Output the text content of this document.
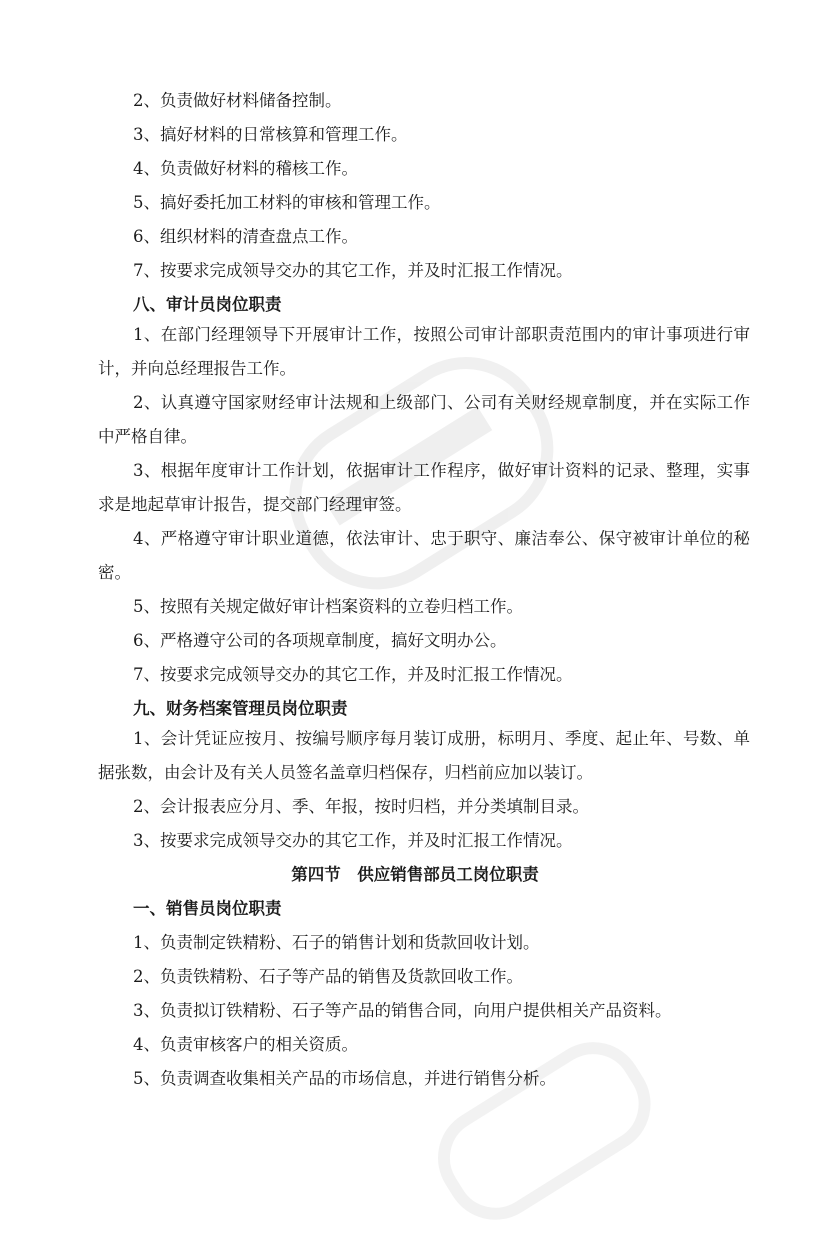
2、负责做好材料储备控制。

3、搞好材料的日常核算和管理工作。

4、负责做好材料的稽核工作。

5、搞好委托加工材料的审核和管理工作。

6、组织材料的清查盘点工作。

7、按要求完成领导交办的其它工作，并及时汇报工作情况。

八、审计员岗位职责

1、在部门经理领导下开展审计工作，按照公司审计部职责范围内的审计事项进行审计，并向总经理报告工作。

2、认真遵守国家财经审计法规和上级部门、公司有关财经规章制度，并在实际工作中严格自律。

3、根据年度审计工作计划，依据审计工作程序，做好审计资料的记录、整理，实事求是地起草审计报告，提交部门经理审签。

4、严格遵守审计职业道德，依法审计、忠于职守、廉洁奉公、保守被审计单位的秘密。

5、按照有关规定做好审计档案资料的立卷归档工作。

6、严格遵守公司的各项规章制度，搞好文明办公。

7、按要求完成领导交办的其它工作，并及时汇报工作情况。

九、财务档案管理员岗位职责

1、会计凭证应按月、按编号顺序每月装订成册，标明月、季度、起止年、号数、单据张数，由会计及有关人员签名盖章归档保存，归档前应加以装订。

2、会计报表应分月、季、年报，按时归档，并分类填制目录。

3、按要求完成领导交办的其它工作，并及时汇报工作情况。

第四节　供应销售部员工岗位职责

一、销售员岗位职责

1、负责制定铁精粉、石子的销售计划和货款回收计划。

2、负责铁精粉、石子等产品的销售及货款回收工作。

3、负责拟订铁精粉、石子等产品的销售合同，向用户提供相关产品资料。

4、负责审核客户的相关资质。

5、负责调查收集相关产品的市场信息，并进行销售分析。
